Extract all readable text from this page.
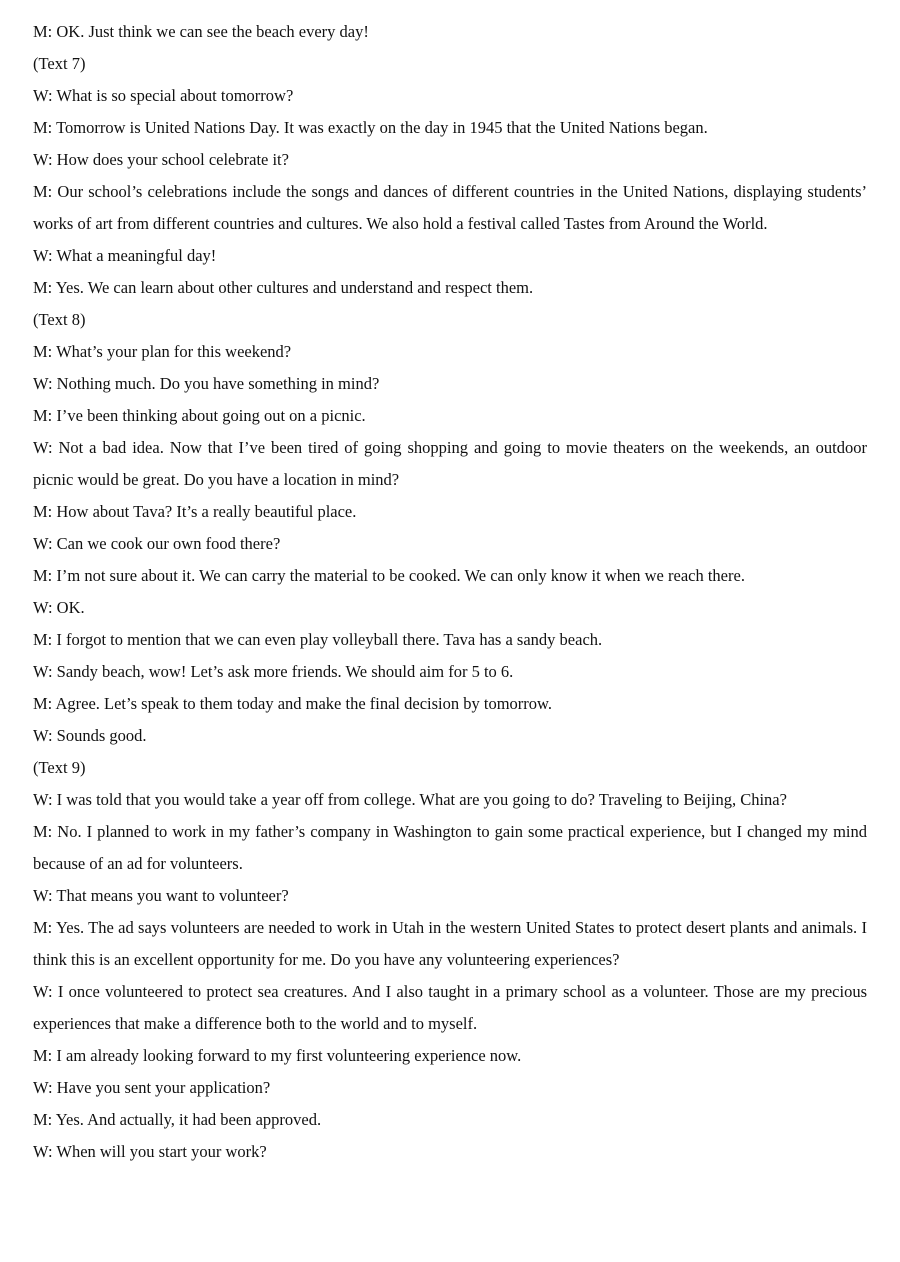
M: OK. Just think we can see the beach every day!

(Text 7)

W: What is so special about tomorrow?

M: Tomorrow is United Nations Day. It was exactly on the day in 1945 that the United Nations began.

W: How does your school celebrate it?

M: Our school’s celebrations include the songs and dances of different countries in the United Nations, displaying students’ works of art from different countries and cultures. We also hold a festival called Tastes from Around the World.

W: What a meaningful day!

M: Yes. We can learn about other cultures and understand and respect them.

(Text 8)

M: What’s your plan for this weekend?

W: Nothing much. Do you have something in mind?

M: I’ve been thinking about going out on a picnic.

W: Not a bad idea. Now that I’ve been tired of going shopping and going to movie theaters on the weekends, an outdoor picnic would be great. Do you have a location in mind?

M: How about Tava? It’s a really beautiful place.

W: Can we cook our own food there?

M: I’m not sure about it. We can carry the material to be cooked. We can only know it when we reach there.

W: OK.

M: I forgot to mention that we can even play volleyball there. Tava has a sandy beach.

W: Sandy beach, wow! Let’s ask more friends. We should aim for 5 to 6.

M: Agree. Let’s speak to them today and make the final decision by tomorrow.

W: Sounds good.

(Text 9)

W: I was told that you would take a year off from college. What are you going to do? Traveling to Beijing, China?

M: No. I planned to work in my father’s company in Washington to gain some practical experience, but I changed my mind because of an ad for volunteers.

W: That means you want to volunteer?

M: Yes. The ad says volunteers are needed to work in Utah in the western United States to protect desert plants and animals. I think this is an excellent opportunity for me. Do you have any volunteering experiences?

W: I once volunteered to protect sea creatures. And I also taught in a primary school as a volunteer. Those are my precious experiences that make a difference both to the world and to myself.

M: I am already looking forward to my first volunteering experience now.

W: Have you sent your application?

M: Yes. And actually, it had been approved.

W: When will you start your work?
